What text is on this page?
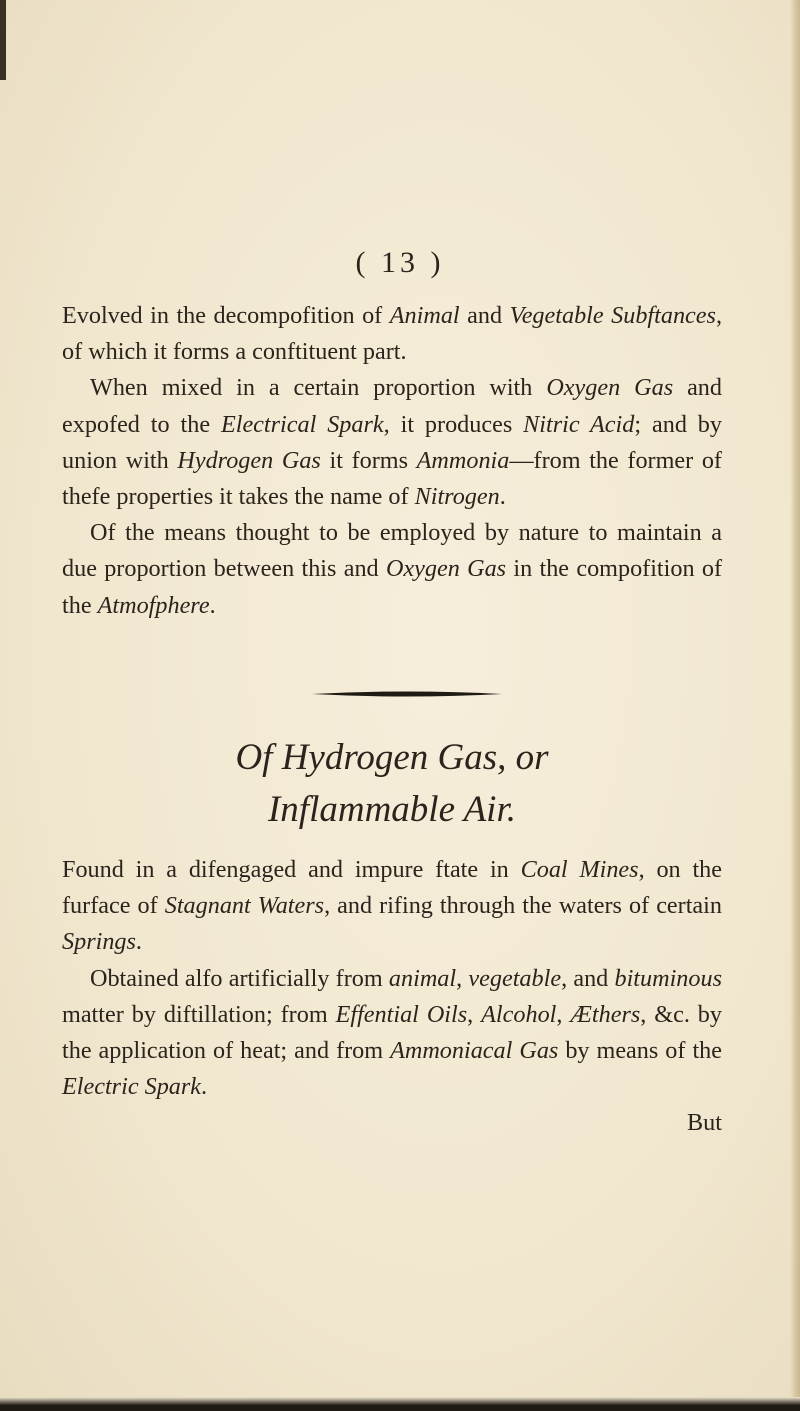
( 13 )

Evolved in the decompofition of Animal and Vegetable Subftances, of which it forms a conftituent part.

When mixed in a certain proportion with Oxygen Gas and expofed to the Electrical Spark, it produces Nitric Acid; and by union with Hydrogen Gas it forms Ammonia—from the former of thefe properties it takes the name of Nitrogen.

Of the means thought to be employed by nature to maintain a due proportion between this and Oxygen Gas in the compofition of the Atmofphere.

Of Hydrogen Gas, or
Inflammable Air.

Found in a difengaged and impure ftate in Coal Mines, on the furface of Stagnant Waters, and rifing through the waters of certain Springs.

Obtained alfo artificially from animal, vegetable, and bituminous matter by diftillation; from Effential Oils, Alcohol, Æthers, &c. by the application of heat; and from Ammoniacal Gas by means of the Electric Spark.

But
